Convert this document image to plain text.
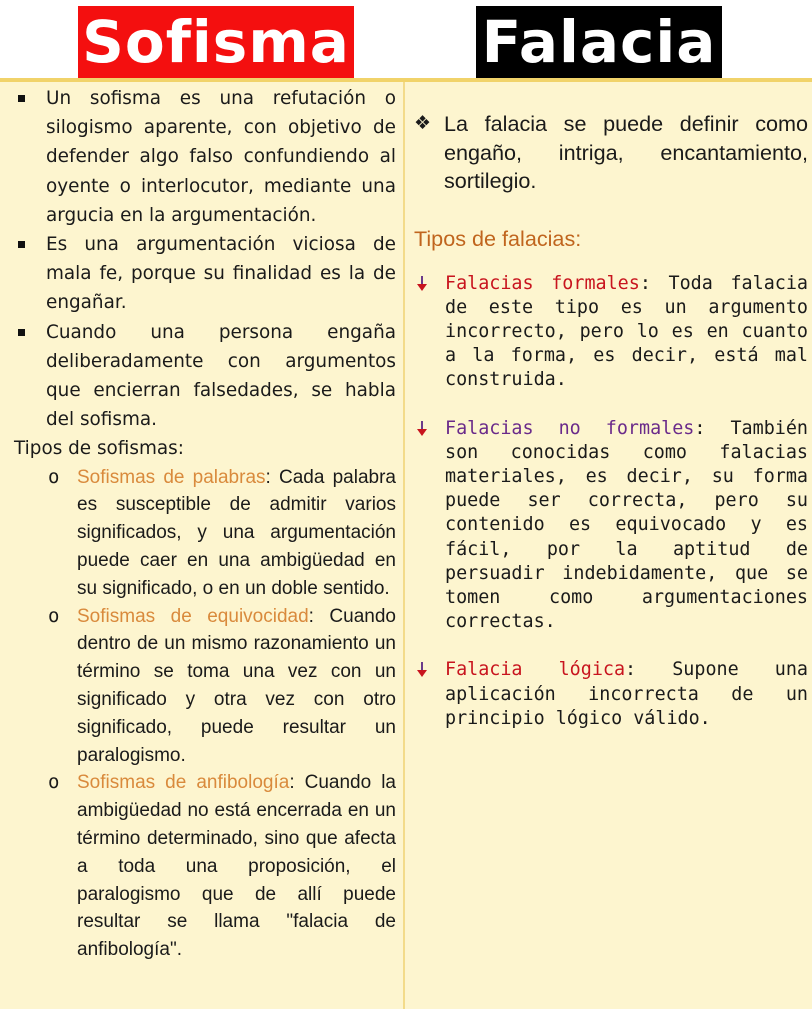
Sofisma Falacia
Un sofisma es una refutación o silogismo aparente, con objetivo de defender algo falso confundiendo al oyente o interlocutor, mediante una argucia en la argumentación.
Es una argumentación viciosa de mala fe, porque su finalidad es la de engañar.
Cuando una persona engaña deliberadamente con argumentos que encierran falsedades, se habla del sofisma.
Tipos de sofismas:
o Sofismas de palabras: Cada palabra es susceptible de admitir varios significados, y una argumentación puede caer en una ambigüedad en su significado, o en un doble sentido.
o Sofismas de equivocidad: Cuando dentro de un mismo razonamiento un término se toma una vez con un significado y otra vez con otro significado, puede resultar un paralogismo.
o Sofismas de anfibología: Cuando la ambigüedad no está encerrada en un término determinado, sino que afecta a toda una proposición, el paralogismo que de allí puede resultar se llama "falacia de anfibología".
❖ La falacia se puede definir como engaño, intriga, encantamiento, sortilegio.
Tipos de falacias:
Falacias formales: Toda falacia de este tipo es un argumento incorrecto, pero lo es en cuanto a la forma, es decir, está mal construida.
Falacias no formales: También son conocidas como falacias materiales, es decir, su forma puede ser correcta, pero su contenido es equivocado y es fácil, por la aptitud de persuadir indebidamente, que se tomen como argumentaciones correctas.
Falacia lógica: Supone una aplicación incorrecta de un principio lógico válido.
